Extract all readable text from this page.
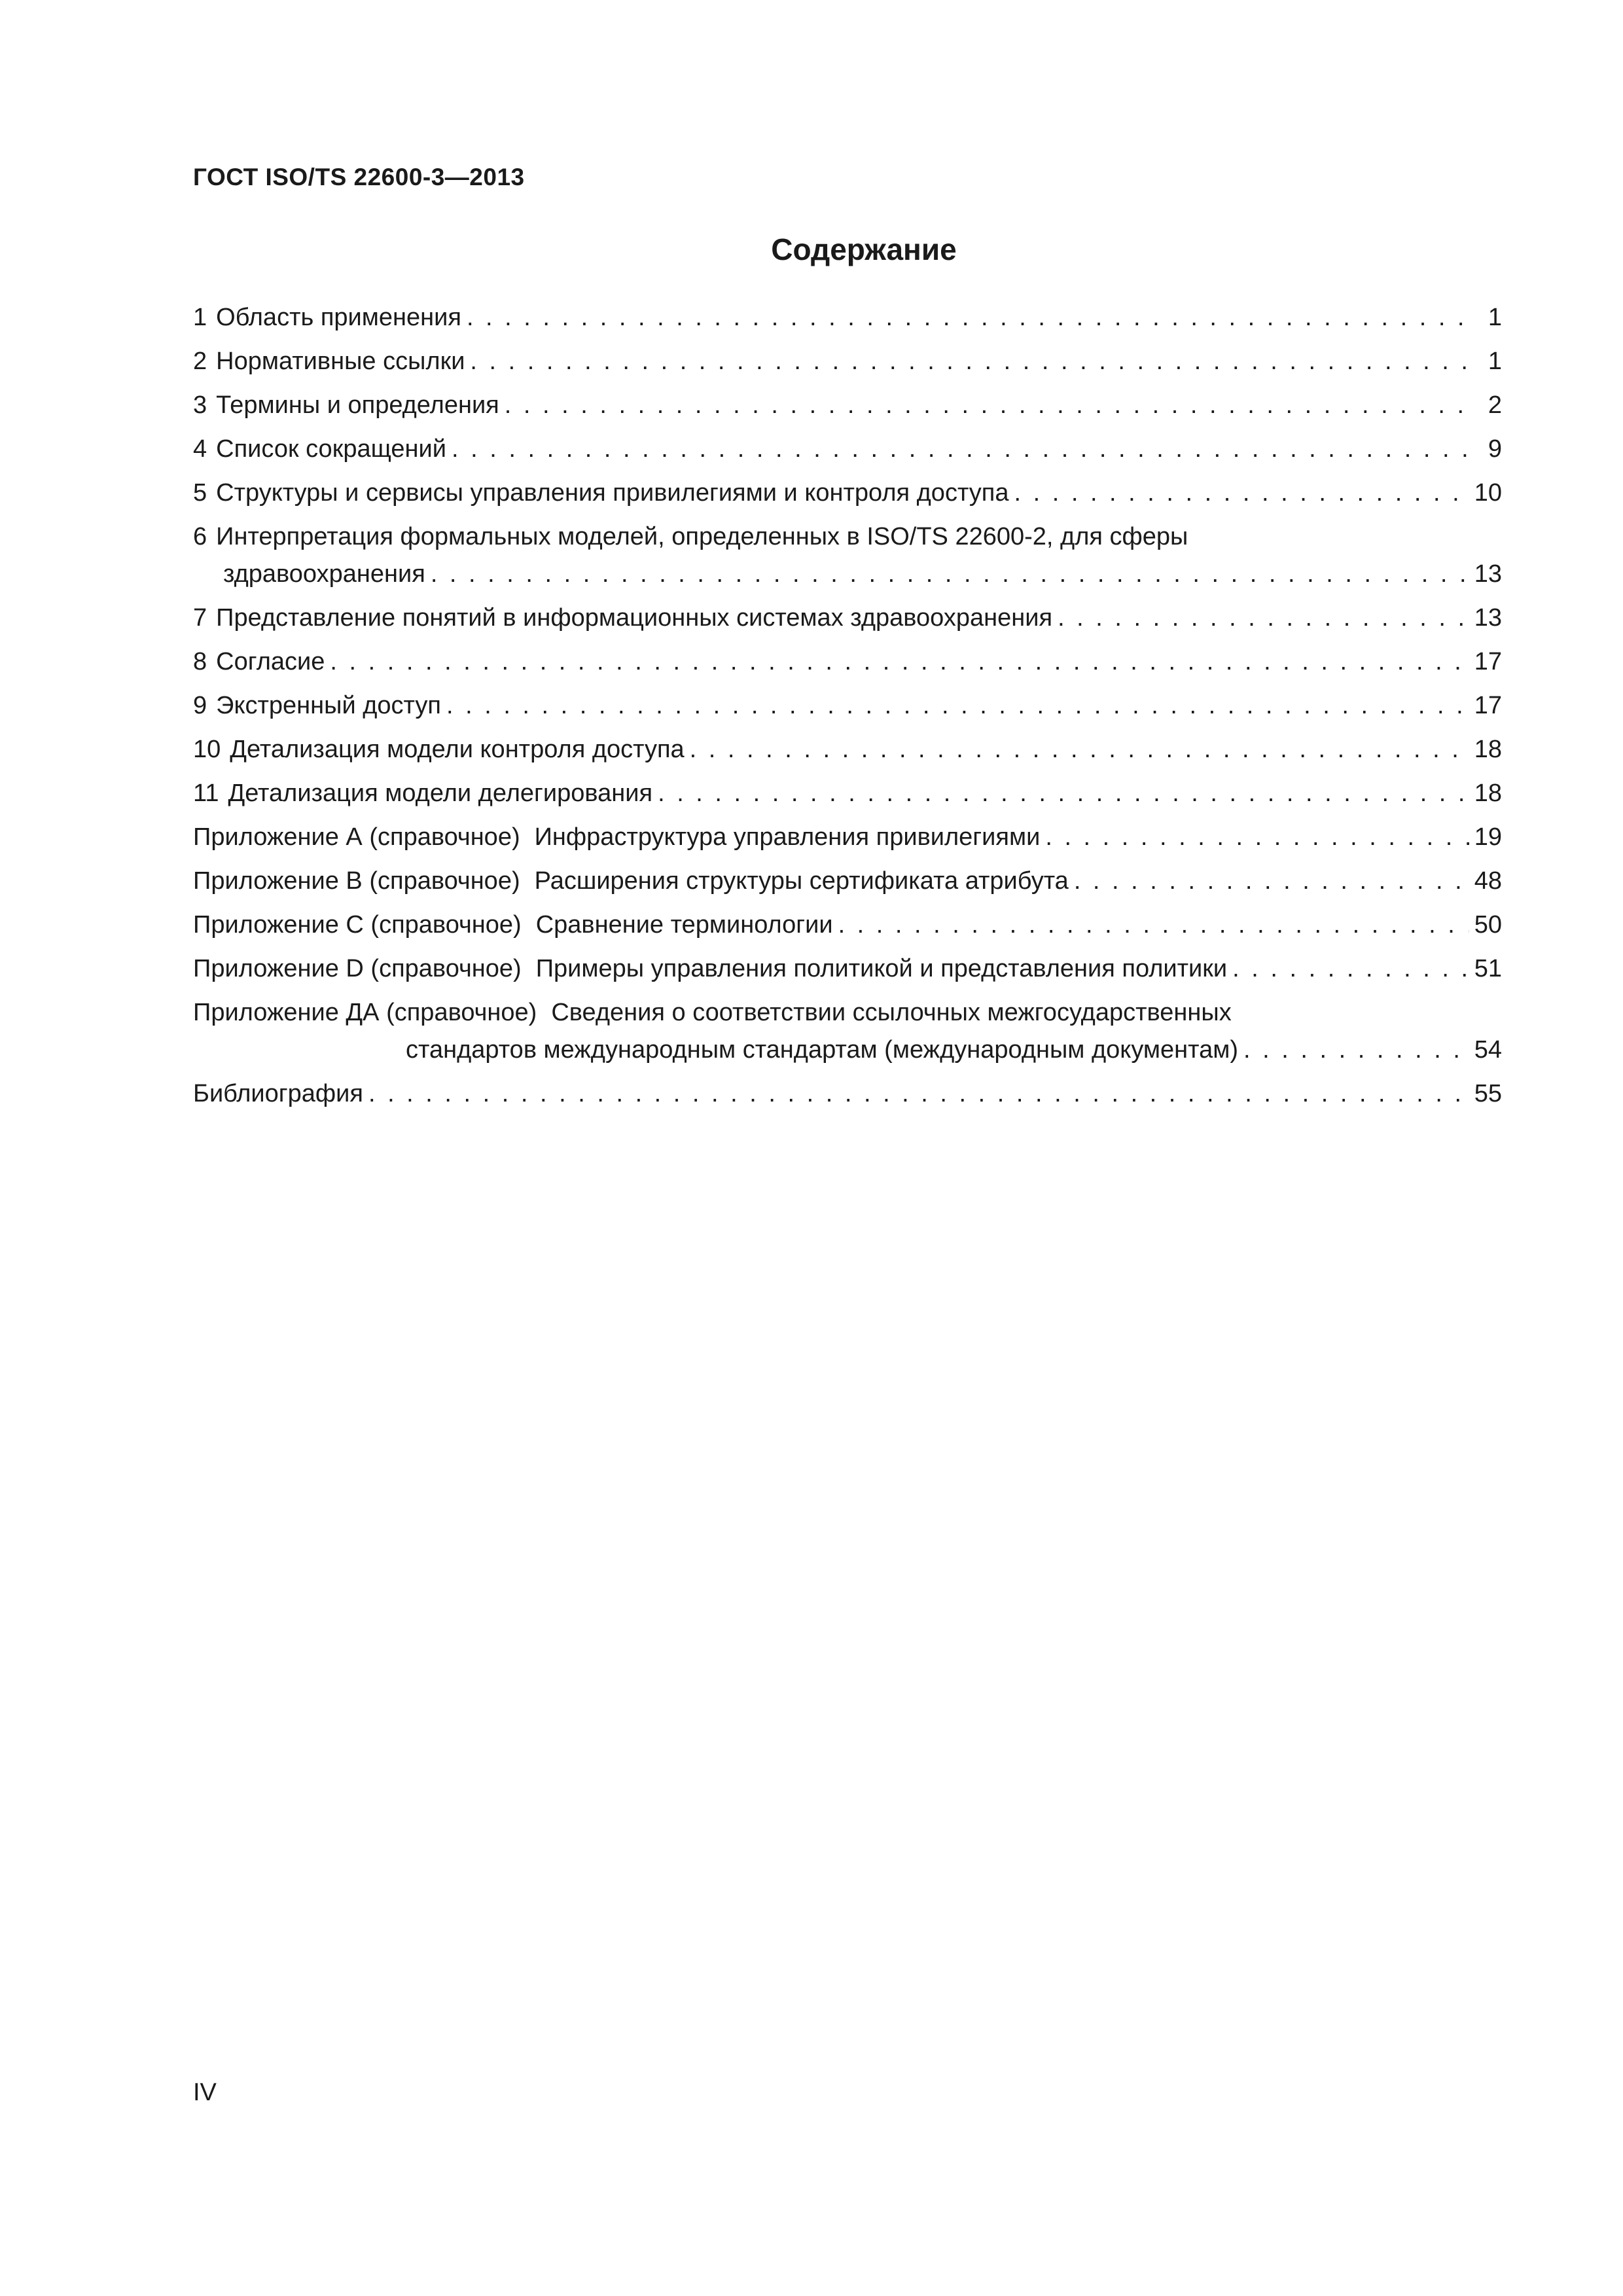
ГОСТ ISO/TS 22600-3—2013
Содержание
1 Область применения . . .	1
2 Нормативные ссылки . . .	1
3 Термины и определения . . .	2
4 Список сокращений . . .	9
5 Структуры и сервисы управления привилегиями и контроля доступа . . .	10
6 Интерпретация формальных моделей, определенных в ISO/TS 22600-2, для сферы
здравоохранения . . .	13
7 Представление понятий в информационных системах здравоохранения . . .	13
8 Согласие . . .	17
9 Экстренный доступ . . .	17
10 Детализация модели контроля доступа . . .	18
11 Детализация модели делегирования . . .	18
Приложение А (справочное) Инфраструктура управления привилегиями . . .	19
Приложение В (справочное) Расширения структуры сертификата атрибута . . .	48
Приложение С (справочное) Сравнение терминологии . . .	50
Приложение D (справочное) Примеры управления политикой и представления политики . . .	51
Приложение ДА (справочное) Сведения о соответствии ссылочных межгосударственных
стандартов международным стандартам (международным документам) . . .	54
Библиография . . .	55
IV
